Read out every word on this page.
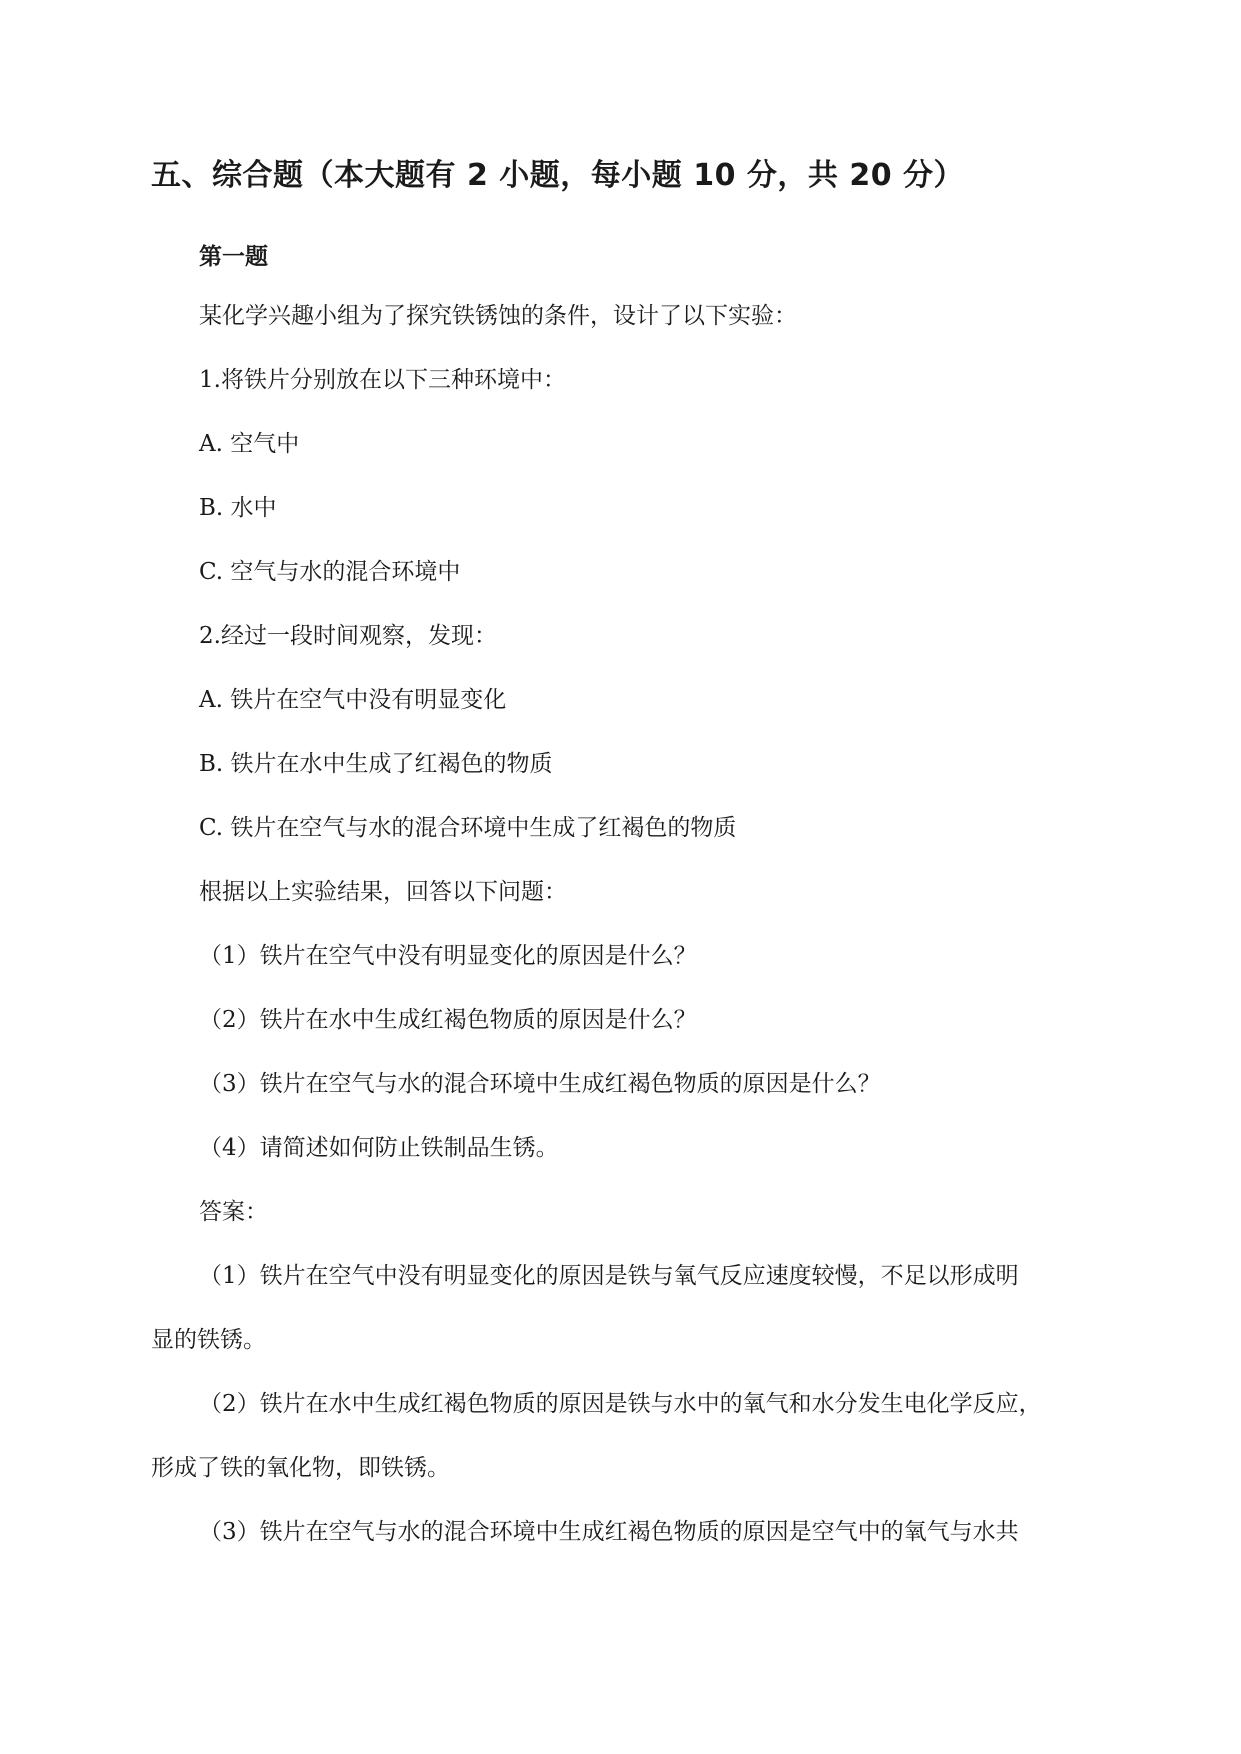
五、综合题（本大题有 2 小题，每小题 10 分，共 20 分）
第一题
某化学兴趣小组为了探究铁锈蚀的条件，设计了以下实验：
1.将铁片分别放在以下三种环境中：
A. 空气中
B. 水中
C. 空气与水的混合环境中
2.经过一段时间观察，发现：
A. 铁片在空气中没有明显变化
B. 铁片在水中生成了红褐色的物质
C. 铁片在空气与水的混合环境中生成了红褐色的物质
根据以上实验结果，回答以下问题：
（1）铁片在空气中没有明显变化的原因是什么？
（2）铁片在水中生成红褐色物质的原因是什么？
（3）铁片在空气与水的混合环境中生成红褐色物质的原因是什么？
（4）请简述如何防止铁制品生锈。
答案：
（1）铁片在空气中没有明显变化的原因是铁与氧气反应速度较慢，不足以形成明
显的铁锈。
（2）铁片在水中生成红褐色物质的原因是铁与水中的氧气和水分发生电化学反应，
形成了铁的氧化物，即铁锈。
（3）铁片在空气与水的混合环境中生成红褐色物质的原因是空气中的氧气与水共
